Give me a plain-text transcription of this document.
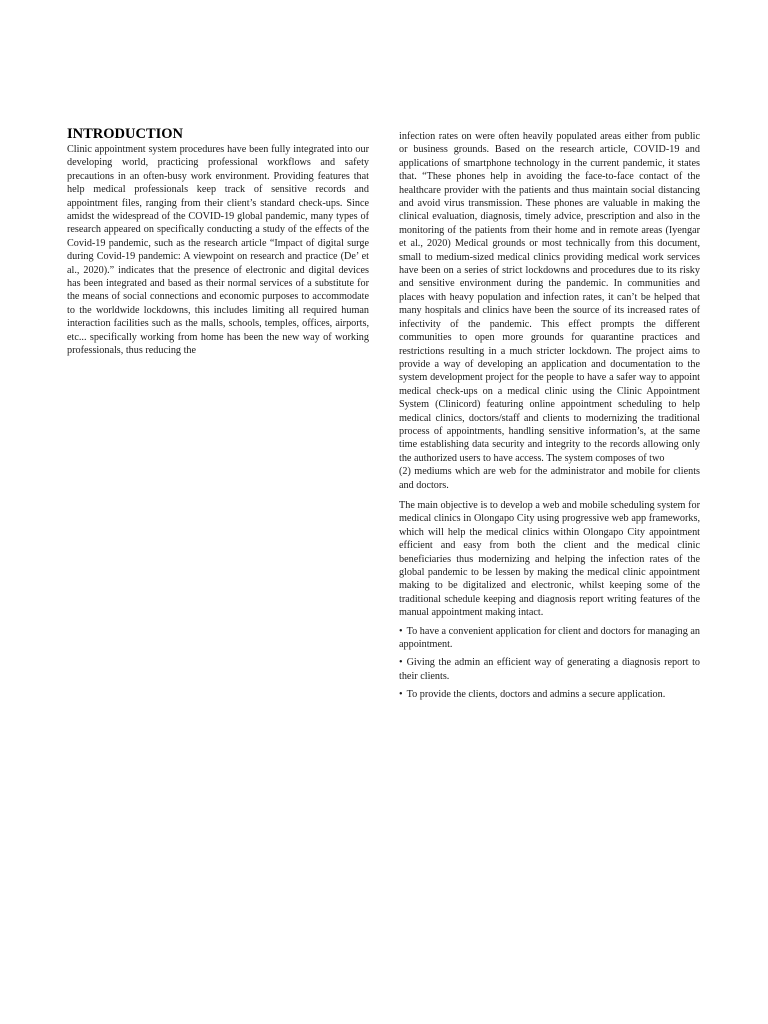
INTRODUCTION

Clinic appointment system procedures have been fully integrated into our developing world, practicing professional workflows and safety precautions in an often-busy work environment. Providing features that help medical professionals keep track of sensitive records and appointment files, ranging from their client’s standard check-ups. Since amidst the widespread of the COVID-19 global pandemic, many types of research appeared on specifically conducting a study of the effects of the Covid-19 pandemic, such as the research article “Impact of digital surge during Covid-19 pandemic: A viewpoint on research and practice (De’ et al., 2020).” indicates that the presence of electronic and digital devices has been integrated and based as their normal services of a substitute for the means of social connections and economic purposes to accommodate to the worldwide lockdowns, this includes limiting all required human interaction facilities such as the malls, schools, temples, offices, airports, etc... specifically working from home has been the new way of working professionals, thus reducing the

infection rates on were often heavily populated areas either from public or business grounds. Based on the research article, COVID-19 and applications of smartphone technology in the current pandemic, it states that. “These phones help in avoiding the face-to-face contact of the healthcare provider with the patients and thus maintain social distancing and avoid virus transmission. These phones are valuable in making the clinical evaluation, diagnosis, timely advice, prescription and also in the monitoring of the patients from their home and in remote areas (Iyengar et al., 2020) Medical grounds or most technically from this document, small to medium-sized medical clinics providing medical work services have been on a series of strict lockdowns and procedures due to its risky and sensitive environment during the pandemic. In communities and places with heavy population and infection rates, it can’t be helped that many hospitals and clinics have been the source of its increased rates of infectivity of the pandemic. This effect prompts the different communities to open more grounds for quarantine practices and restrictions resulting in a much stricter lockdown. The project aims to provide a way of developing an application and documentation to the system development project for the people to have a safer way to appoint medical check-ups on a medical clinic using the Clinic Appointment System (Clinicord) featuring online appointment scheduling to help medical clinics, doctors/staff and clients to modernizing the traditional process of appointments, handling sensitive information’s, at the same time establishing data security and integrity to the records allowing only the authorized users to have access. The system composes of two

(2) mediums which are web for the administrator and mobile for clients and doctors.

The main objective is to develop a web and mobile scheduling system for medical clinics in Olongapo City using progressive web app frameworks, which will help the medical clinics within Olongapo City appointment efficient and easy from both the client and the medical clinic beneficiaries thus modernizing and helping the infection rates of the global pandemic to be lessen by making the medical clinic appointment making to be digitalized and electronic, whilst keeping some of the traditional schedule keeping and diagnosis report writing features of the manual appointment making intact.

• To have a convenient application for client and doctors for managing an appointment.

• Giving the admin an efficient way of generating a diagnosis report to their clients.

• To provide the clients, doctors and admins a secure application.
